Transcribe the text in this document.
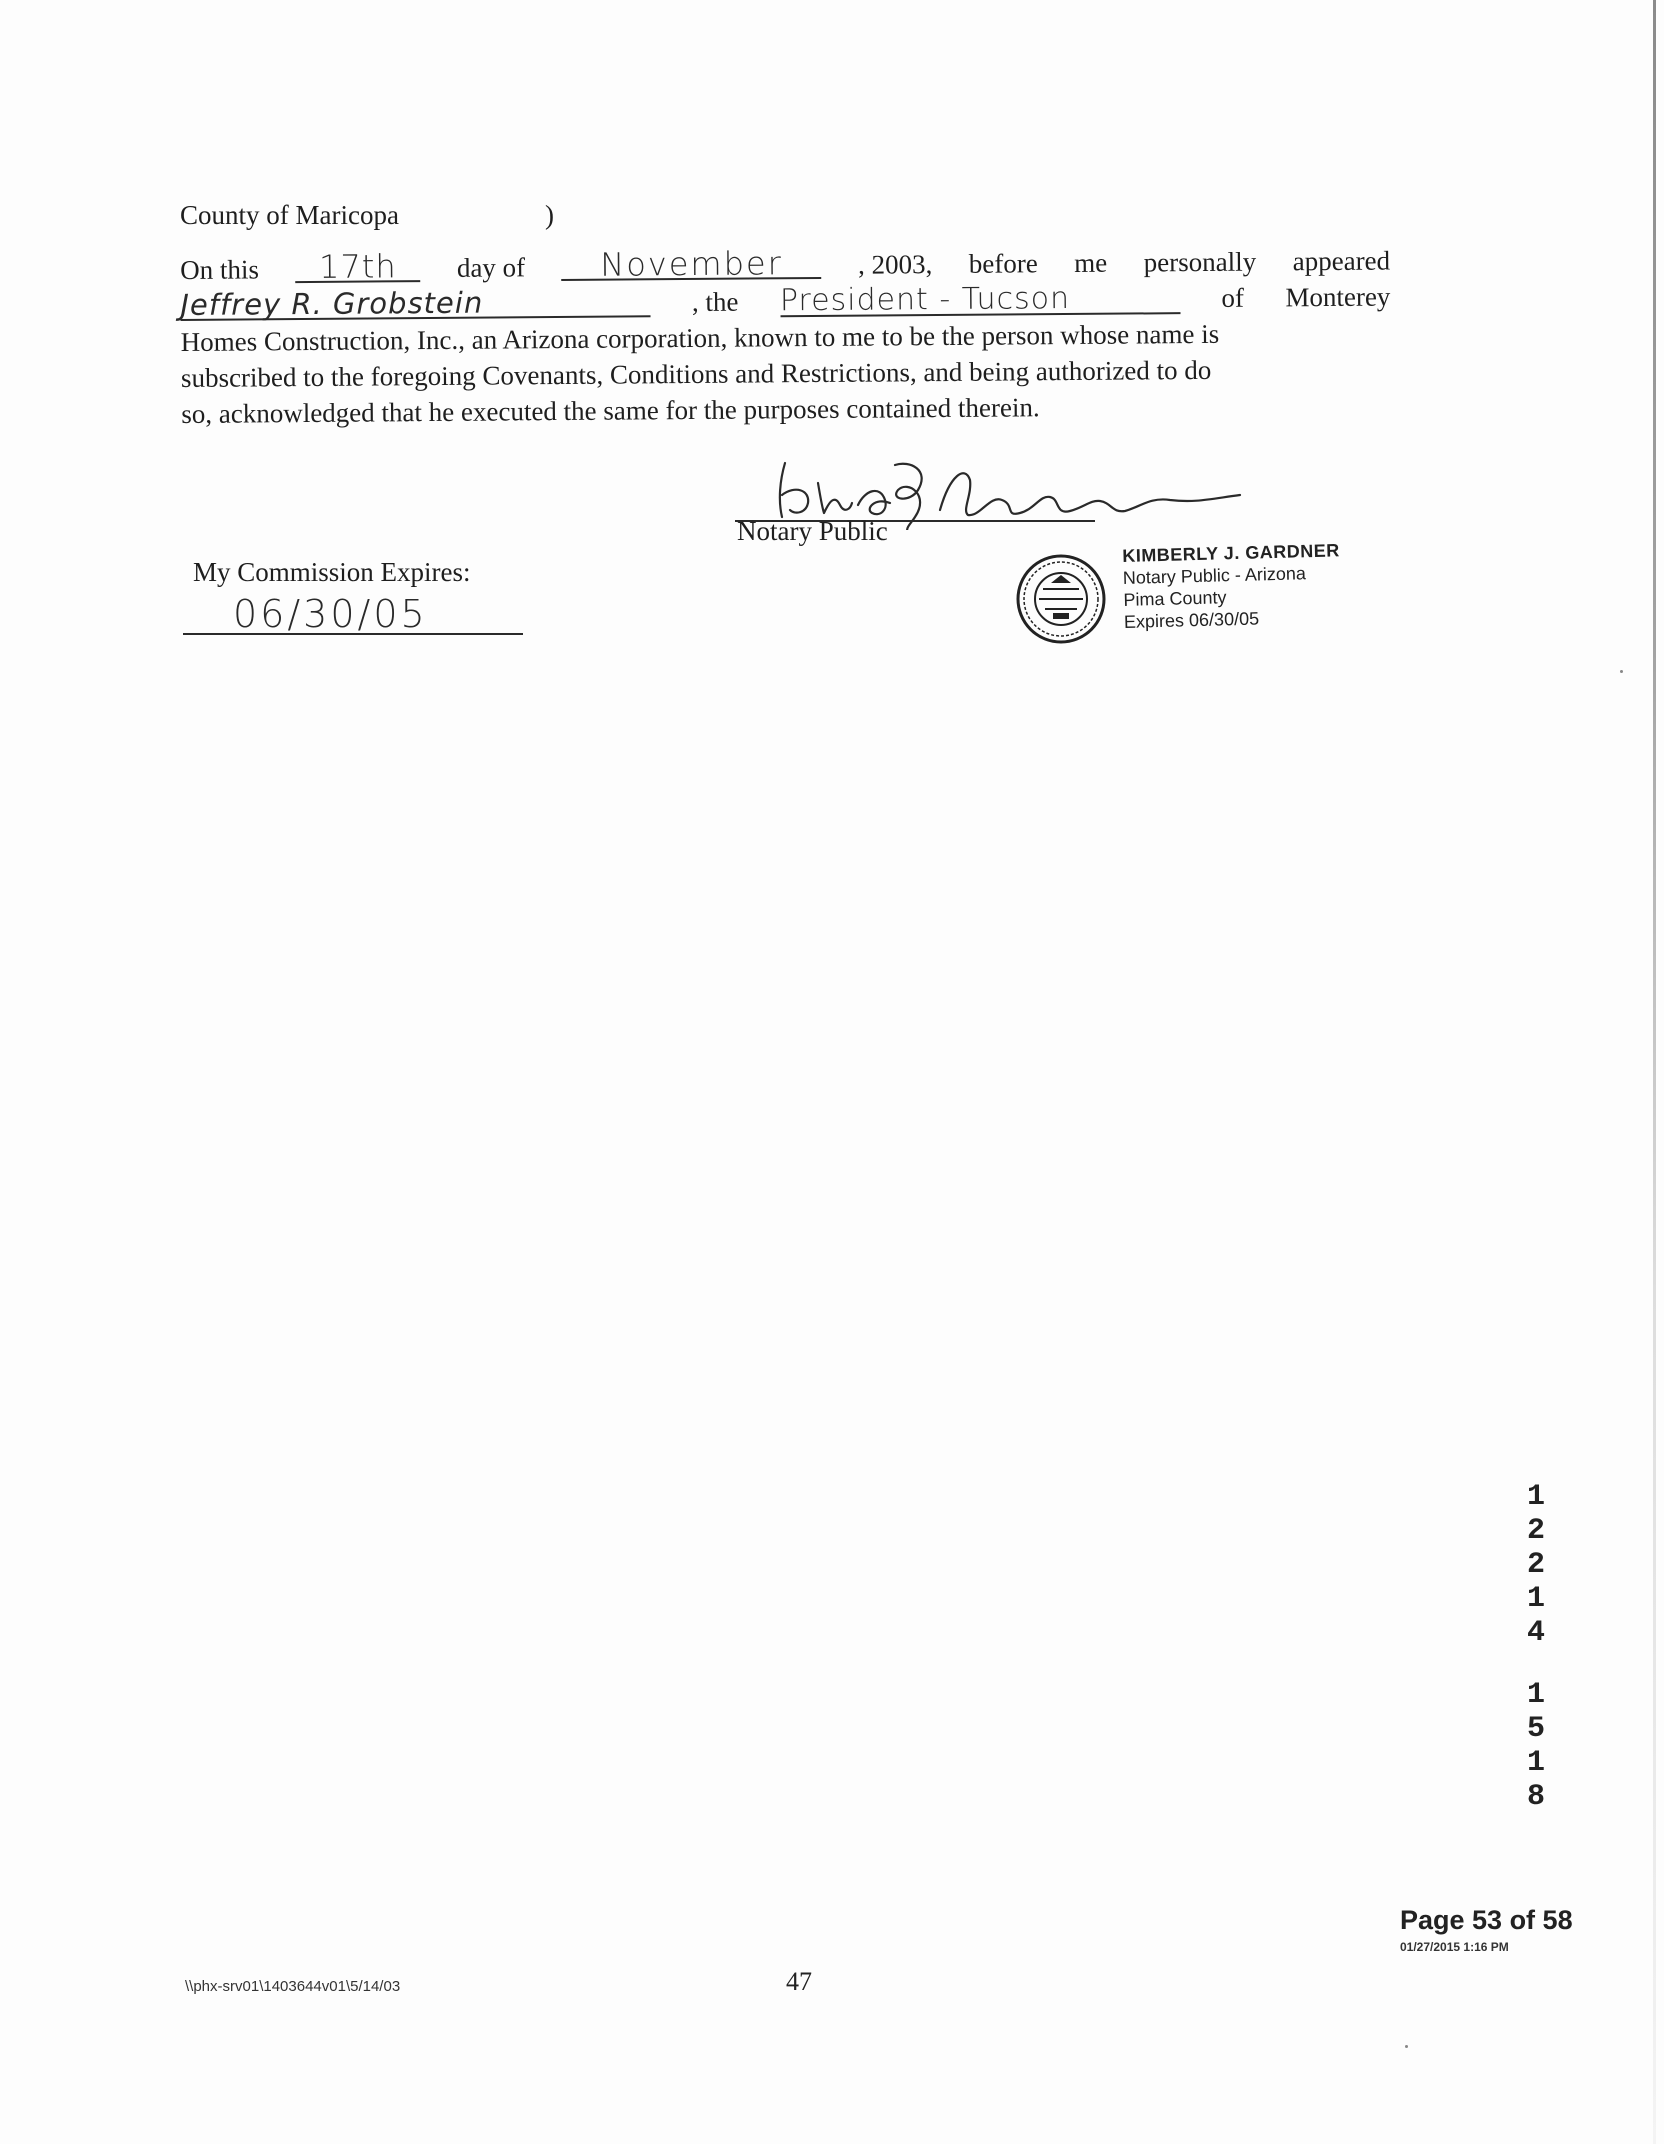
County of Maricopa	)
On this	17th	day of	November	, 2003, before me personally appeared
Jeffrey R. Grobstein	, the President - Tucson	of Monterey
Homes Construction, Inc., an Arizona corporation, known to me to be the person whose name is
subscribed to the foregoing Covenants, Conditions and Restrictions, and being authorized to do
so, acknowledged that he executed the same for the purposes contained therein.
Notary Public
My Commission Expires:
06/30/05
KIMBERLY J. GARDNER
Notary Public - Arizona
Pima County
Expires 06/30/05
1
2
2
1
4
1
5
1
8
Page 53 of 58
01/27/2015 1:16 PM
\\phx-srv01\1403644v01\5/14/03	47
